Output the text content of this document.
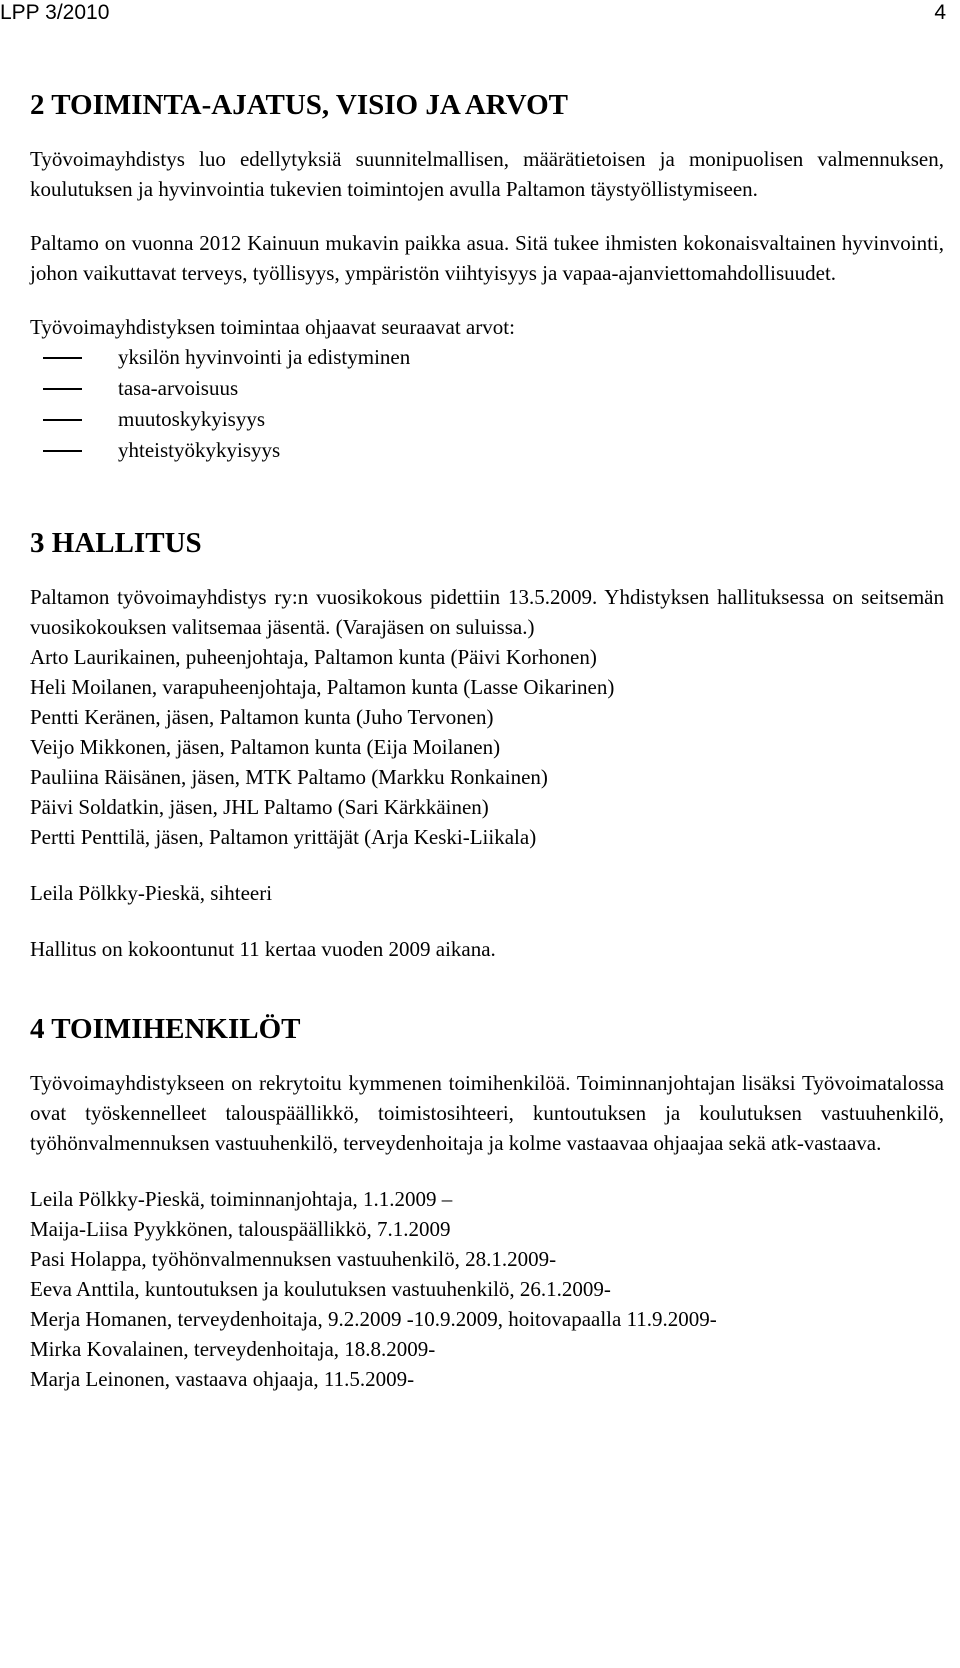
LPP 3/2010	4
2 TOIMINTA-AJATUS, VISIO JA ARVOT

Työvoimayhdistys luo edellytyksiä suunnitelmallisen, määrätietoisen ja monipuolisen valmennuksen, koulutuksen ja hyvinvointia tukevien toimintojen avulla Paltamon täystyöllistymiseen.

Paltamo on vuonna 2012 Kainuun mukavin paikka asua. Sitä tukee ihmisten kokonaisvaltainen hyvinvointi, johon vaikuttavat terveys, työllisyys, ympäristön viihtyisyys ja vapaa-ajanviettomahdollisuudet.

Työvoimayhdistyksen toimintaa ohjaavat seuraavat arvot:
yksilön hyvinvointi ja edistyminen
tasa-arvoisuus
muutoskykyisyys
yhteistyökykyisyys
3 HALLITUS

Paltamon työvoimayhdistys ry:n vuosikokous pidettiin 13.5.2009. Yhdistyksen hallituksessa on seitsemän vuosikokouksen valitsemaa jäsentä. (Varajäsen on suluissa.)

Arto Laurikainen, puheenjohtaja, Paltamon kunta (Päivi Korhonen)
Heli Moilanen, varapuheenjohtaja, Paltamon kunta (Lasse Oikarinen)
Pentti Keränen, jäsen, Paltamon kunta (Juho Tervonen)
Veijo Mikkonen, jäsen, Paltamon kunta (Eija Moilanen)
Pauliina Räisänen, jäsen, MTK Paltamo (Markku Ronkainen)
Päivi Soldatkin, jäsen, JHL Paltamo (Sari Kärkkäinen)
Pertti Penttilä, jäsen, Paltamon yrittäjät (Arja Keski-Liikala)
Leila Pölkky-Pieskä, sihteeri
Hallitus on kokoontunut 11 kertaa vuoden 2009 aikana.
4 TOIMIHENKILÖT

Työvoimayhdistykseen on rekrytoitu kymmenen toimihenkilöä. Toiminnanjohtajan lisäksi Työvoimatalossa ovat työskennelleet talouspäällikkö, toimistosihteeri, kuntoutuksen ja koulutuksen vastuuhenkilö, työhönvalmennuksen vastuuhenkilö, terveydenhoitaja ja kolme vastaavaa ohjaajaa sekä atk-vastaava.

Leila Pölkky-Pieskä, toiminnanjohtaja, 1.1.2009 –
Maija-Liisa Pyykkönen, talouspäällikkö, 7.1.2009
Pasi Holappa, työhönvalmennuksen vastuuhenkilö, 28.1.2009-
Eeva Anttila, kuntoutuksen ja koulutuksen vastuuhenkilö, 26.1.2009-
Merja Homanen, terveydenhoitaja, 9.2.2009 -10.9.2009, hoitovapaalla 11.9.2009-
Mirka Kovalainen, terveydenhoitaja, 18.8.2009-
Marja Leinonen, vastaava ohjaaja, 11.5.2009-
